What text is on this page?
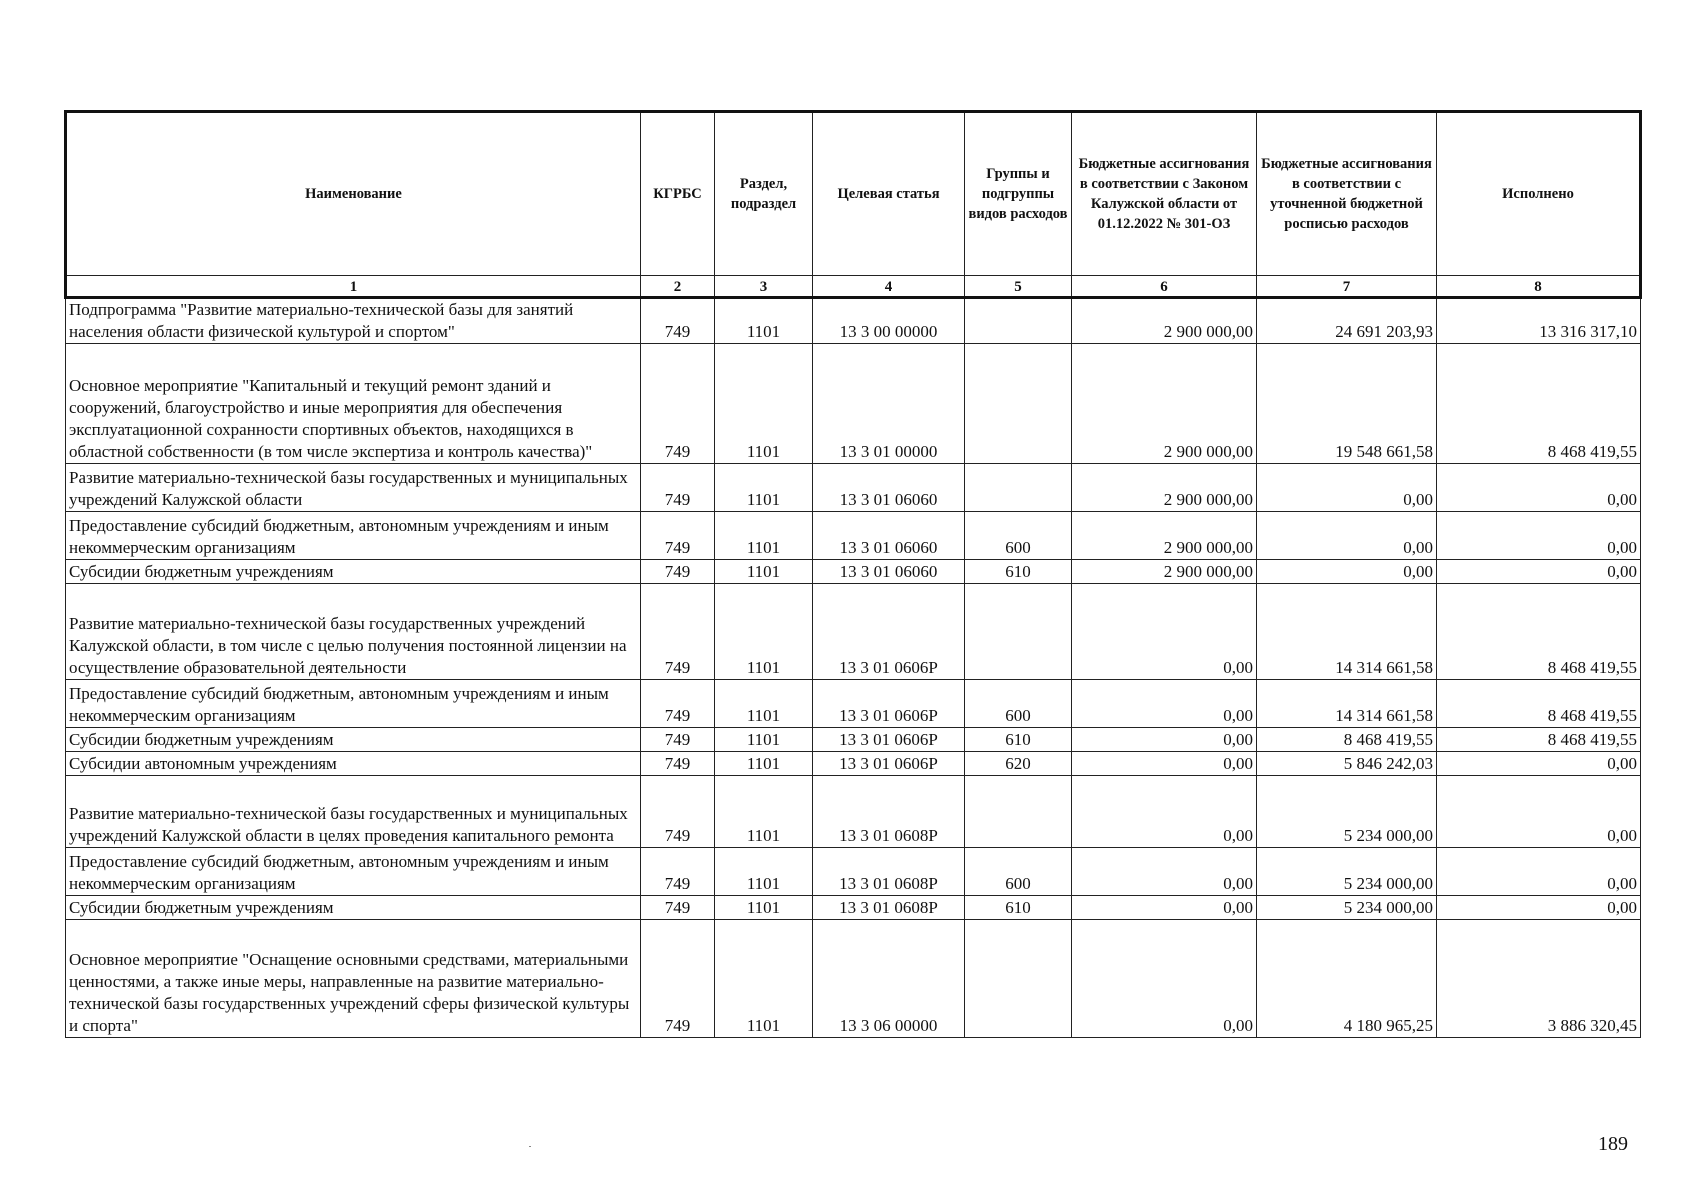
Наименование	КГРБС	Раздел, подраздел	Целевая статья	Группы и подгруппы видов расходов	Бюджетные ассигнования в соответствии с Законом Калужской области от 01.12.2022 № 301-ОЗ	Бюджетные ассигнования в соответствии с уточненной бюджетной росписью расходов	Исполнено
1	2	3	4	5	6	7	8
Подпрограмма "Развитие материально-технической базы для занятий населения области физической культурой и спортом"	749	1101	13 3 00 00000		2 900 000,00	24 691 203,93	13 316 317,10
Основное мероприятие "Капитальный и текущий ремонт зданий и сооружений, благоустройство и иные мероприятия для обеспечения эксплуатационной сохранности спортивных объектов, находящихся в областной собственности (в том числе экспертиза и контроль качества)"	749	1101	13 3 01 00000		2 900 000,00	19 548 661,58	8 468 419,55
Развитие материально-технической базы государственных и муниципальных учреждений Калужской области	749	1101	13 3 01 06060		2 900 000,00	0,00	0,00
Предоставление субсидий бюджетным, автономным учреждениям и иным некоммерческим организациям	749	1101	13 3 01 06060	600	2 900 000,00	0,00	0,00
Субсидии бюджетным учреждениям	749	1101	13 3 01 06060	610	2 900 000,00	0,00	0,00
Развитие материально-технической базы государственных учреждений Калужской области, в том числе с целью получения постоянной лицензии на осуществление образовательной деятельности	749	1101	13 3 01 0606Р		0,00	14 314 661,58	8 468 419,55
Предоставление субсидий бюджетным, автономным учреждениям и иным некоммерческим организациям	749	1101	13 3 01 0606Р	600	0,00	14 314 661,58	8 468 419,55
Субсидии бюджетным учреждениям	749	1101	13 3 01 0606Р	610	0,00	8 468 419,55	8 468 419,55
Субсидии автономным учреждениям	749	1101	13 3 01 0606Р	620	0,00	5 846 242,03	0,00
Развитие материально-технической базы государственных и муниципальных учреждений Калужской области в целях проведения капитального ремонта	749	1101	13 3 01 0608Р		0,00	5 234 000,00	0,00
Предоставление субсидий бюджетным, автономным учреждениям и иным некоммерческим организациям	749	1101	13 3 01 0608Р	600	0,00	5 234 000,00	0,00
Субсидии бюджетным учреждениям	749	1101	13 3 01 0608Р	610	0,00	5 234 000,00	0,00
Основное мероприятие "Оснащение основными средствами, материальными ценностями, а также иные меры, направленные на развитие материально-технической базы государственных учреждений сферы физической культуры и спорта"	749	1101	13 3 06 00000		0,00	4 180 965,25	3 886 320,45
189
